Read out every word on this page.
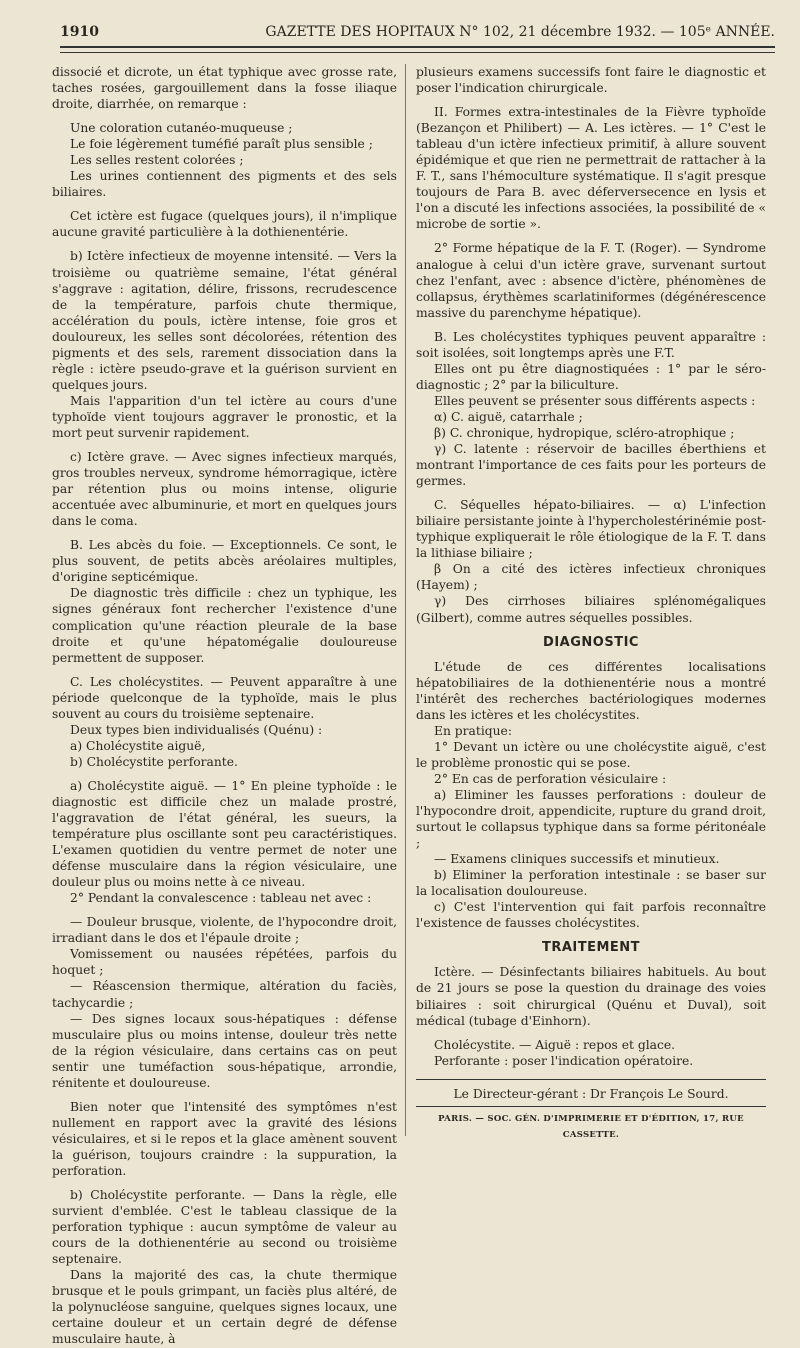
1910	GAZETTE DES HOPITAUX N° 102, 21 décembre 1932. — 105ᵉ ANNÉE.

dissocié et dicrote, un état typhique avec grosse rate, taches rosées, gargouillement dans la fosse iliaque droite, diarrhée, on remarque :

Une coloration cutanéo-muqueuse ;

Le foie légèrement tuméfié paraît plus sensible ;

Les selles restent colorées ;

Les urines contiennent des pigments et des sels biliaires.

Cet ictère est fugace (quelques jours), il n'implique aucune gravité particulière à la dothienentérie.

b) Ictère infectieux de moyenne intensité. — Vers la troisième ou quatrième semaine, l'état général s'aggrave : agitation, délire, frissons, recrudescence de la température, parfois chute thermique, accélération du pouls, ictère intense, foie gros et douloureux, les selles sont décolorées, rétention des pigments et des sels, rarement dissociation dans la règle : ictère pseudo-grave et la guérison survient en quelques jours.

Mais l'apparition d'un tel ictère au cours d'une typhoïde vient toujours aggraver le pronostic, et la mort peut survenir rapidement.

c) Ictère grave. — Avec signes infectieux marqués, gros troubles nerveux, syndrome hémorragique, ictère par rétention plus ou moins intense, oligurie accentuée avec albuminurie, et mort en quelques jours dans le coma.

B. Les abcès du foie. — Exceptionnels. Ce sont, le plus souvent, de petits abcès aréolaires multiples, d'origine septicémique.

De diagnostic très difficile : chez un typhique, les signes généraux font rechercher l'existence d'une complication qu'une réaction pleurale de la base droite et qu'une hépatomégalie douloureuse permettent de supposer.

C. Les cholécystites. — Peuvent apparaître à une période quelconque de la typhoïde, mais le plus souvent au cours du troisième septenaire.

Deux types bien individualisés (Quénu) :

a) Cholécystite aiguë,

b) Cholécystite perforante.

a) Cholécystite aiguë. — 1° En pleine typhoïde : le diagnostic est difficile chez un malade prostré, l'aggravation de l'état général, les sueurs, la température plus oscillante sont peu caractéristiques. L'examen quotidien du ventre permet de noter une défense musculaire dans la région vésiculaire, une douleur plus ou moins nette à ce niveau.

2° Pendant la convalescence : tableau net avec :

— Douleur brusque, violente, de l'hypocondre droit, irradiant dans le dos et l'épaule droite ;

Vomissement ou nausées répétées, parfois du hoquet ;

— Réascension thermique, altération du faciès, tachycardie ;

— Des signes locaux sous-hépatiques : défense musculaire plus ou moins intense, douleur très nette de la région vésiculaire, dans certains cas on peut sentir une tuméfaction sous-hépatique, arrondie, rénitente et douloureuse.

Bien noter que l'intensité des symptômes n'est nullement en rapport avec la gravité des lésions vésiculaires, et si le repos et la glace amènent souvent la guérison, toujours craindre : la suppuration, la perforation.

b) Cholécystite perforante. — Dans la règle, elle survient d'emblée. C'est le tableau classique de la perforation typhique : aucun symptôme de valeur au cours de la dothienentérie au second ou troisième septenaire.

Dans la majorité des cas, la chute thermique brusque et le pouls grimpant, un faciès plus altéré, de la polynucléose sanguine, quelques signes locaux, une certaine douleur et un certain degré de défense musculaire haute, à

plusieurs examens successifs font faire le diagnostic et poser l'indication chirurgicale.

II. Formes extra-intestinales de la Fièvre typhoïde (Bezançon et Philibert) — A. Les ictères. — 1° C'est le tableau d'un ictère infectieux primitif, à allure souvent épidémique et que rien ne permettrait de rattacher à la F. T., sans l'hémoculture systématique. Il s'agit presque toujours de Para B. avec déferversecence en lysis et l'on a discuté les infections associées, la possibilité de « microbe de sortie ».

2° Forme hépatique de la F. T. (Roger). — Syndrome analogue à celui d'un ictère grave, survenant surtout chez l'enfant, avec : absence d'ictère, phénomènes de collapsus, érythèmes scarlatiniformes (dégénérescence massive du parenchyme hépatique).

B. Les cholécystites typhiques peuvent apparaître : soit isolées, soit longtemps après une F.T.

Elles ont pu être diagnostiquées : 1° par le séro-diagnostic ; 2° par la biliculture.

Elles peuvent se présenter sous différents aspects :

α) C. aiguë, catarrhale ;

β) C. chronique, hydropique, scléro-atrophique ;

γ) C. latente : réservoir de bacilles éberthiens et montrant l'importance de ces faits pour les porteurs de germes.

C. Séquelles hépato-biliaires. — α) L'infection biliaire persistante jointe à l'hypercholestérinémie post-typhique expliquerait le rôle étiologique de la F. T. dans la lithiase biliaire ;

β On a cité des ictères infectieux chroniques (Hayem) ;

γ) Des cirrhoses biliaires splénomégaliques (Gilbert), comme autres séquelles possibles.

DIAGNOSTIC

L'étude de ces différentes localisations hépatobiliaires de la dothienentérie nous a montré l'intérêt des recherches bactériologiques modernes dans les ictères et les cholécystites.

En pratique:

1° Devant un ictère ou une cholécystite aiguë, c'est le problème pronostic qui se pose.

2° En cas de perforation vésiculaire :

a) Eliminer les fausses perforations : douleur de l'hypocondre droit, appendicite, rupture du grand droit, surtout le collapsus typhique dans sa forme péritonéale ;

— Examens cliniques successifs et minutieux.

b) Eliminer la perforation intestinale : se baser sur la localisation douloureuse.

c) C'est l'intervention qui fait parfois reconnaître l'existence de fausses cholécystites.

TRAITEMENT

Ictère. — Désinfectants biliaires habituels. Au bout de 21 jours se pose la question du drainage des voies biliaires : soit chirurgical (Quénu et Duval), soit médical (tubage d'Einhorn).

Cholécystite. — Aiguë : repos et glace.

Perforante : poser l'indication opératoire.

Le Directeur-gérant : Dr François Le Sourd.
PARIS. — SOC. GÉN. D'IMPRIMERIE ET D'ÉDITION, 17, RUE CASSETTE.
